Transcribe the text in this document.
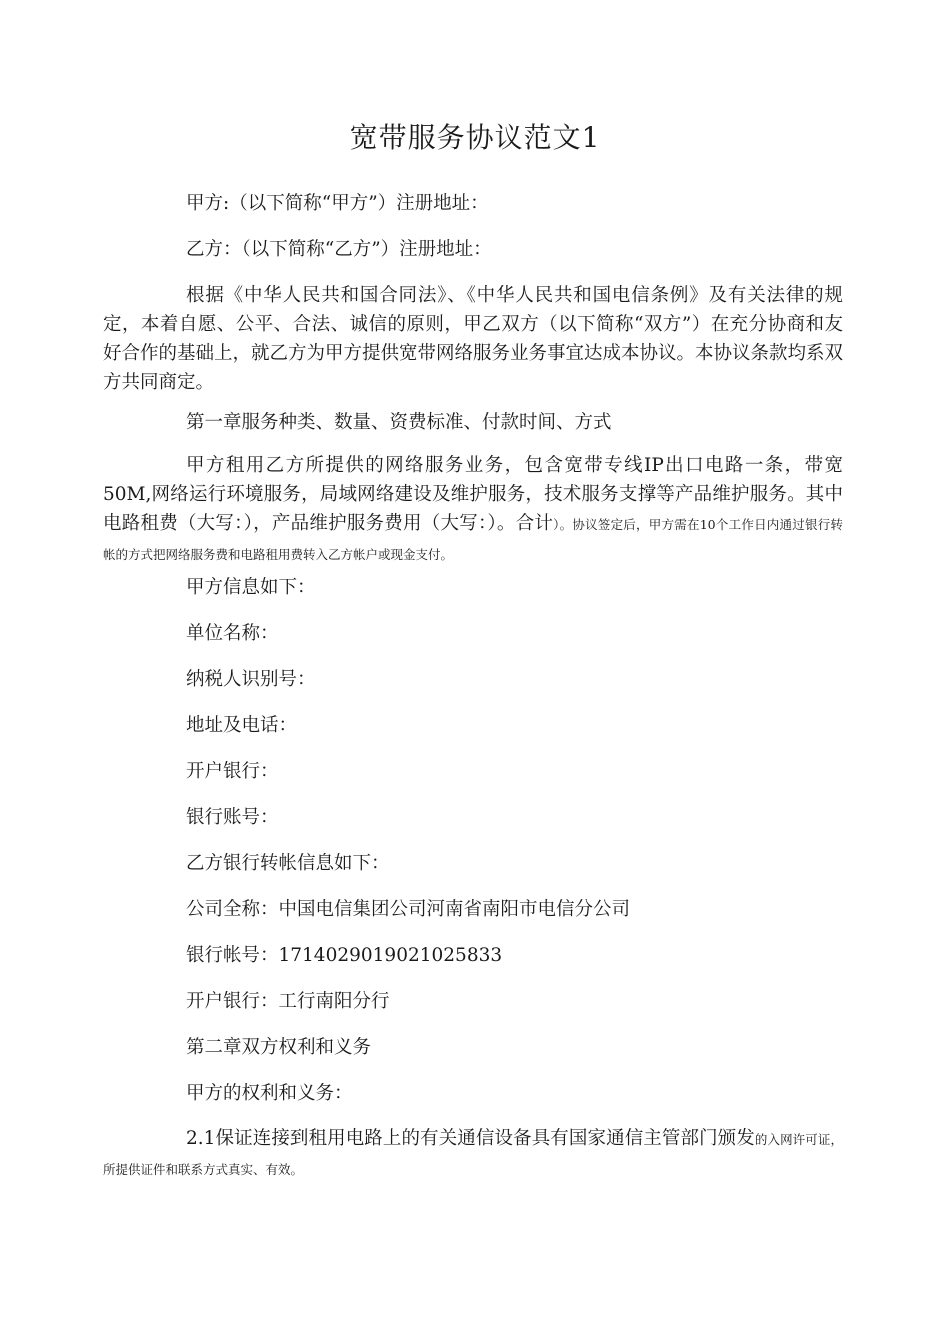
宽带服务协议范文1
甲方:（以下简称“甲方”）注册地址：
乙方：（以下简称“乙方”）注册地址：
根据《中华人民共和国合同法》、《中华人民共和国电信条例》及有关法律的规定，本着自愿、公平、合法、诚信的原则，甲乙双方（以下简称“双方”）在充分协商和友好合作的基础上，就乙方为甲方提供宽带网络服务业务事宜达成本协议。本协议条款均系双方共同商定。
第一章服务种类、数量、资费标准、付款时间、方式
甲方租用乙方所提供的网络服务业务，包含宽带专线IP出口电路一条，带宽50M,网络运行环境服务，局域网络建设及维护服务，技术服务支撑等产品维护服务。其中电路租费（大写：），产品维护服务费用（大写：）。合计）。协议签定后，甲方需在10个工作日内通过银行转帐的方式把网络服务费和电路租用费转入乙方帐户或现金支付。
甲方信息如下：
单位名称：
纳税人识别号：
地址及电话：
开户银行：
银行账号：
乙方银行转帐信息如下：
公司全称：中国电信集团公司河南省南阳市电信分公司
银行帐号：1714029019021025833
开户银行：工行南阳分行
第二章双方权利和义务
甲方的权利和义务：
2.1保证连接到租用电路上的有关通信设备具有国家通信主管部门颁发的入网许可证，所提供证件和联系方式真实、有效。
